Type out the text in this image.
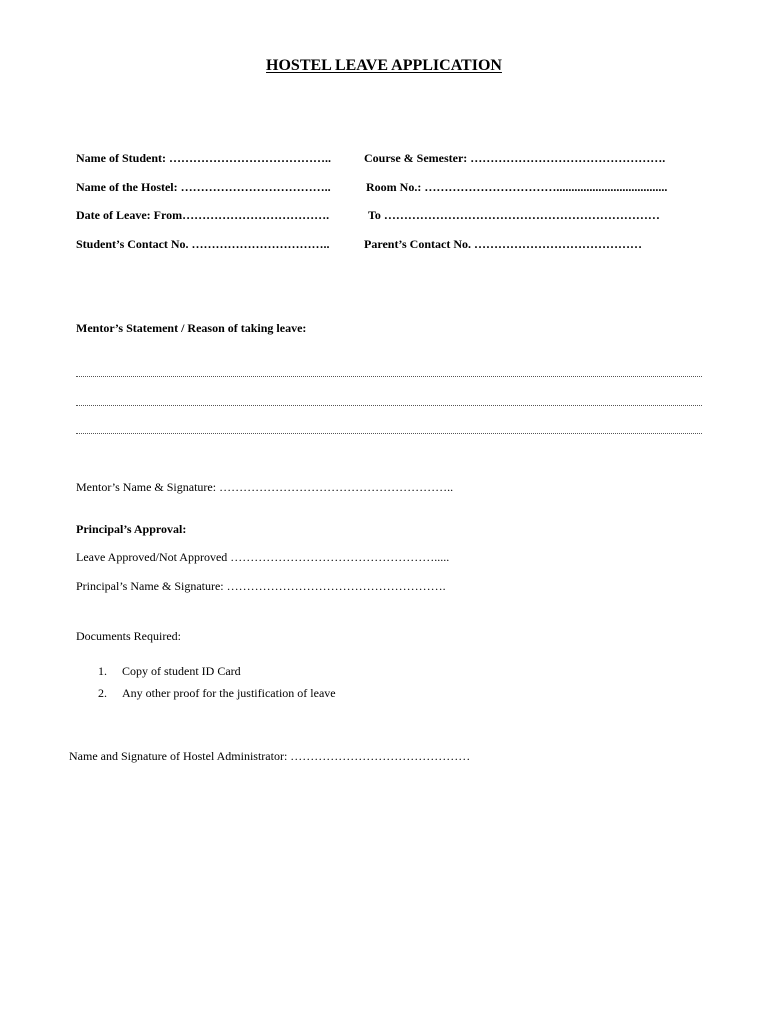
HOSTEL LEAVE APPLICATION
Name of Student: …………………………………..	Course & Semester: ………………………………………….
Name of the Hostel: ………………………………..	Room No.: …………………………….....................................
Date of Leave: From……………………………….	To ……………………………………………………………
Student’s Contact No. ……………………………..	Parent’s Contact No. ……………………………………
Mentor’s Statement / Reason of taking leave:
Mentor’s Name & Signature: …………………………………………………..
Principal’s Approval:
Leave Approved/Not Approved …………………………………………….....
Principal’s Name & Signature: ……………………………………………….
Documents Required:
1. Copy of student ID Card
2. Any other proof for the justification of leave
Name and Signature of Hostel Administrator: ………………………………………
